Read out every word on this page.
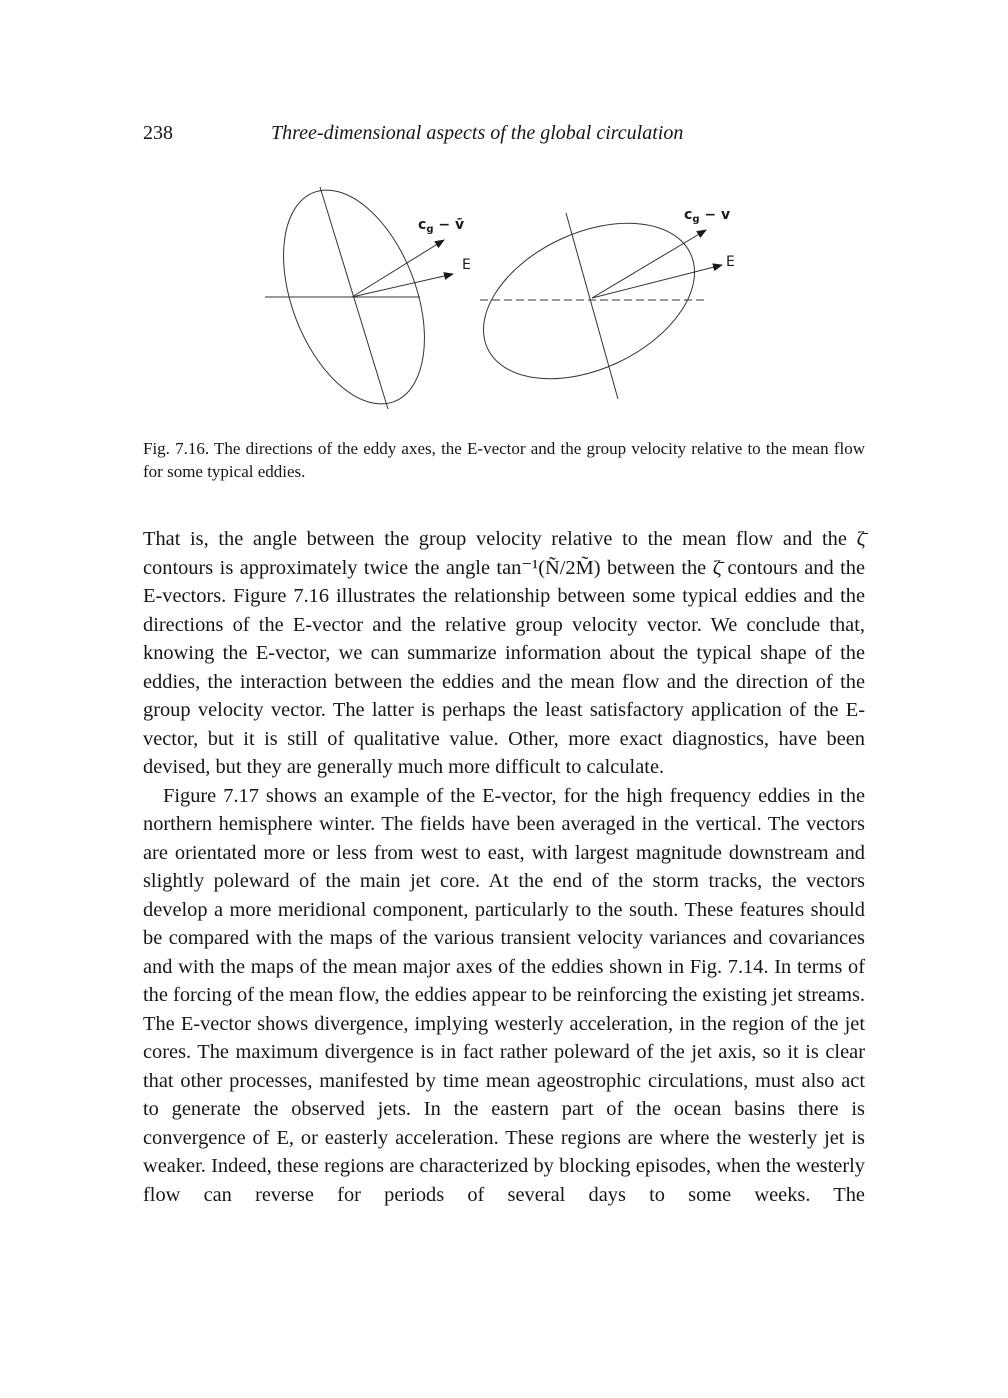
238	Three-dimensional aspects of the global circulation
$c_g$ − v̄
E
$c_g - v$
E
Fig. 7.16. The directions of the eddy axes, the E-vector and the group velocity relative to the mean flow for some typical eddies.

That is, the angle between the group velocity relative to the mean flow and the ζ̄ contours is approximately twice the angle tan⁻¹(Ñ/2M̃) between the ζ̄ contours and the E-vectors. Figure 7.16 illustrates the relationship between some typical eddies and the directions of the E-vector and the relative group velocity vector. We conclude that, knowing the E-vector, we can summarize information about the typical shape of the eddies, the interaction between the eddies and the mean flow and the direction of the group velocity vector. The latter is perhaps the least satisfactory application of the E-vector, but it is still of qualitative value. Other, more exact diagnostics, have been devised, but they are generally much more difficult to calculate.

Figure 7.17 shows an example of the E-vector, for the high frequency eddies in the northern hemisphere winter. The fields have been averaged in the vertical. The vectors are orientated more or less from west to east, with largest magnitude downstream and slightly poleward of the main jet core. At the end of the storm tracks, the vectors develop a more meridional component, particularly to the south. These features should be compared with the maps of the various transient velocity variances and covariances and with the maps of the mean major axes of the eddies shown in Fig. 7.14. In terms of the forcing of the mean flow, the eddies appear to be reinforcing the existing jet streams. The E-vector shows divergence, implying westerly acceleration, in the region of the jet cores. The maximum divergence is in fact rather poleward of the jet axis, so it is clear that other processes, manifested by time mean ageostrophic circulations, must also act to generate the observed jets. In the eastern part of the ocean basins there is convergence of E, or easterly acceleration. These regions are where the westerly jet is weaker. Indeed, these regions are characterized by blocking episodes, when the westerly flow can reverse for periods of several days to some weeks. The
